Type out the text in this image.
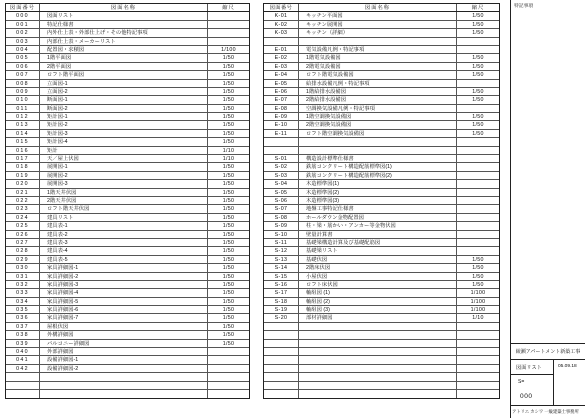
図面番号	図面名称	縮尺
000	図面リスト
001	特記仕様書
002	内外仕上表・外部仕上げ・その他特記事項
003	内部仕上表・メーカーリスト
004	配置図・求積図	1/100
005	1階平面図	1/50
006	2階平面図	1/50
007	ロフト階平面図	1/50
008	立面図-1	1/50
009	立面図-2	1/50
010	断面図-1	1/50
011	断面図-2	1/50
012	矩計図-1	1/50
013	矩計図-2	1/50
014	矩計図-3	1/50
015	矩計図-4	1/50
016	矩計	1/10
017	天／屋上伏図	1/10
018	展開図-1	1/50
019	展開図-2	1/50
020	展開図-3	1/50
021	1階天井伏図	1/50
022	2階天井伏図	1/50
023	ロフト階天井伏図	1/50
024	建具リスト	1/50
025	建具表-1	1/50
026	建具表-2	1/50
027	建具表-3	1/50
028	建具表-4	1/50
029	建具表-5	1/50
030	家具詳細図-1	1/50
031	家具詳細図-2	1/50
032	家具詳細図-3	1/50
033	家具詳細図-4	1/50
034	家具詳細図-5	1/50
035	家具詳細図-6	1/50
036	家具詳細図-7	1/50
037	屋根伏図	1/50
038	外構詳細図	1/50
039	バルコニー詳細図	1/50
040	外部詳細図
041	設備詳細図-1
042	設備詳細図-2
図面番号	図面名称	縮尺
K-01	キッチン平面図	1/50
K-02	キッチン展開図	1/50
K-03	キッチン（詳細）	1/50
E-01	電気設備凡例・特記事項
E-02	1階電気設備図	1/50
E-03	2階電気設備図	1/50
E-04	ロフト階電気設備図	1/50
E-05	給排水設備凡例・特記事項
E-06	1階給排水設備図	1/50
E-07	2階給排水設備図	1/50
E-08	空調換気設備凡例・特記事項
E-09	1階空調換気設備図	1/50
E-10	2階空調換気設備図	1/50
E-11	ロフト階空調換気設備図	1/50
S-01	構造設計標準仕様書
S-02	鉄筋コンクリート構造配筋標準図(1)
S-03	鉄筋コンクリート構造配筋標準図(2)
S-04	木造標準図(1)
S-05	木造標準図(2)
S-06	木造標準図(3)
S-07	地盤工事特記仕様書
S-08	ホールダウン金物配置図
S-09	柱・梁・筋かい・アンカー等金物伏図
S-10	壁量計算書
S-11	基礎梁構造計算及び基礎配筋図
S-12	基礎梁リスト
S-13	基礎伏図	1/50
S-14	2階床伏図	1/50
S-15	小屋伏図	1/50
S-16	ロフト床伏図	1/50
S-17	軸組図 (1)	1/100
S-18	軸組図 (2)	1/100
S-19	軸組図 (3)	1/100
S-20	部材詳細図	1/10
特記事項
綾瀬アパートメント新築工事
図面リスト	05.09.18
S=
000
アトリエ カシワ 一級建築士事務所
